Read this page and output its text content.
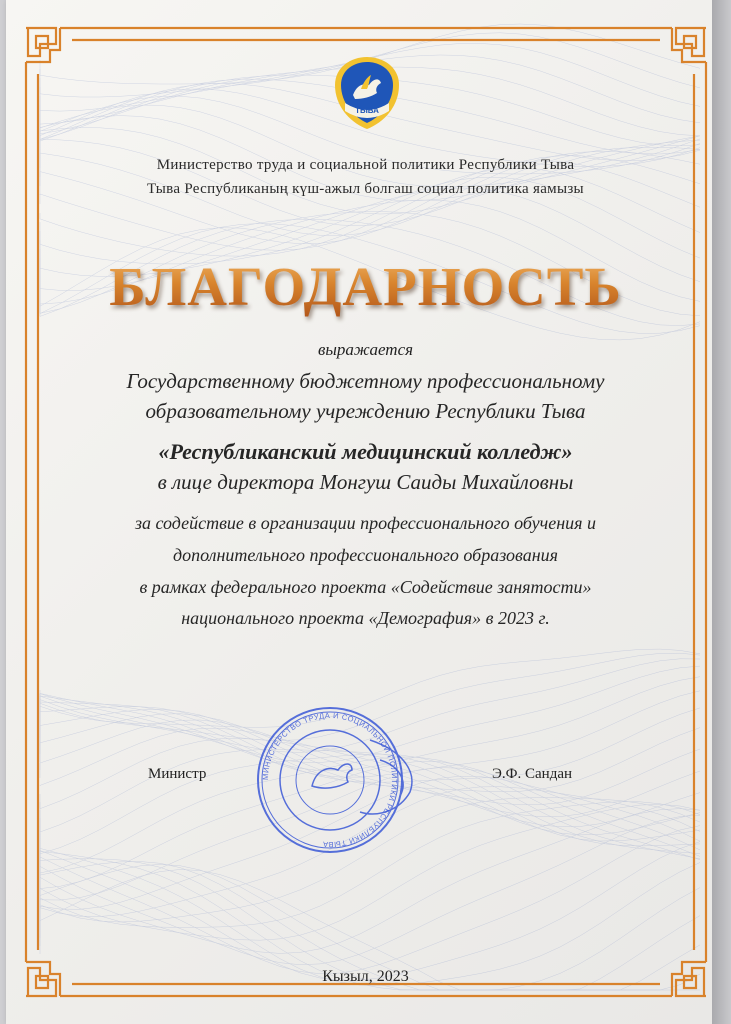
ТЫВА
Министерство труда и социальной политики Республики Тыва
Тыва Республиканың күш-ажыл болгаш социал политика яамызы
БЛАГОДАРНОСТЬ
выражается
Государственному бюджетному профессиональному
образовательному учреждению Республики Тыва
«Республиканский медицинский колледж»
в лице директора Монгуш Саиды Михайловны
за содействие в организации профессионального обучения и
дополнительного профессионального образования
в рамках федерального проекта «Содействие занятости»
национального проекта «Демография» в 2023 г.
МИНИСТЕРСТВО ТРУДА И СОЦИАЛЬНОЙ ПОЛИТИКИ РЕСПУБЛИКИ ТЫВА
Министр	Э.Ф. Сандан
Кызыл, 2023
